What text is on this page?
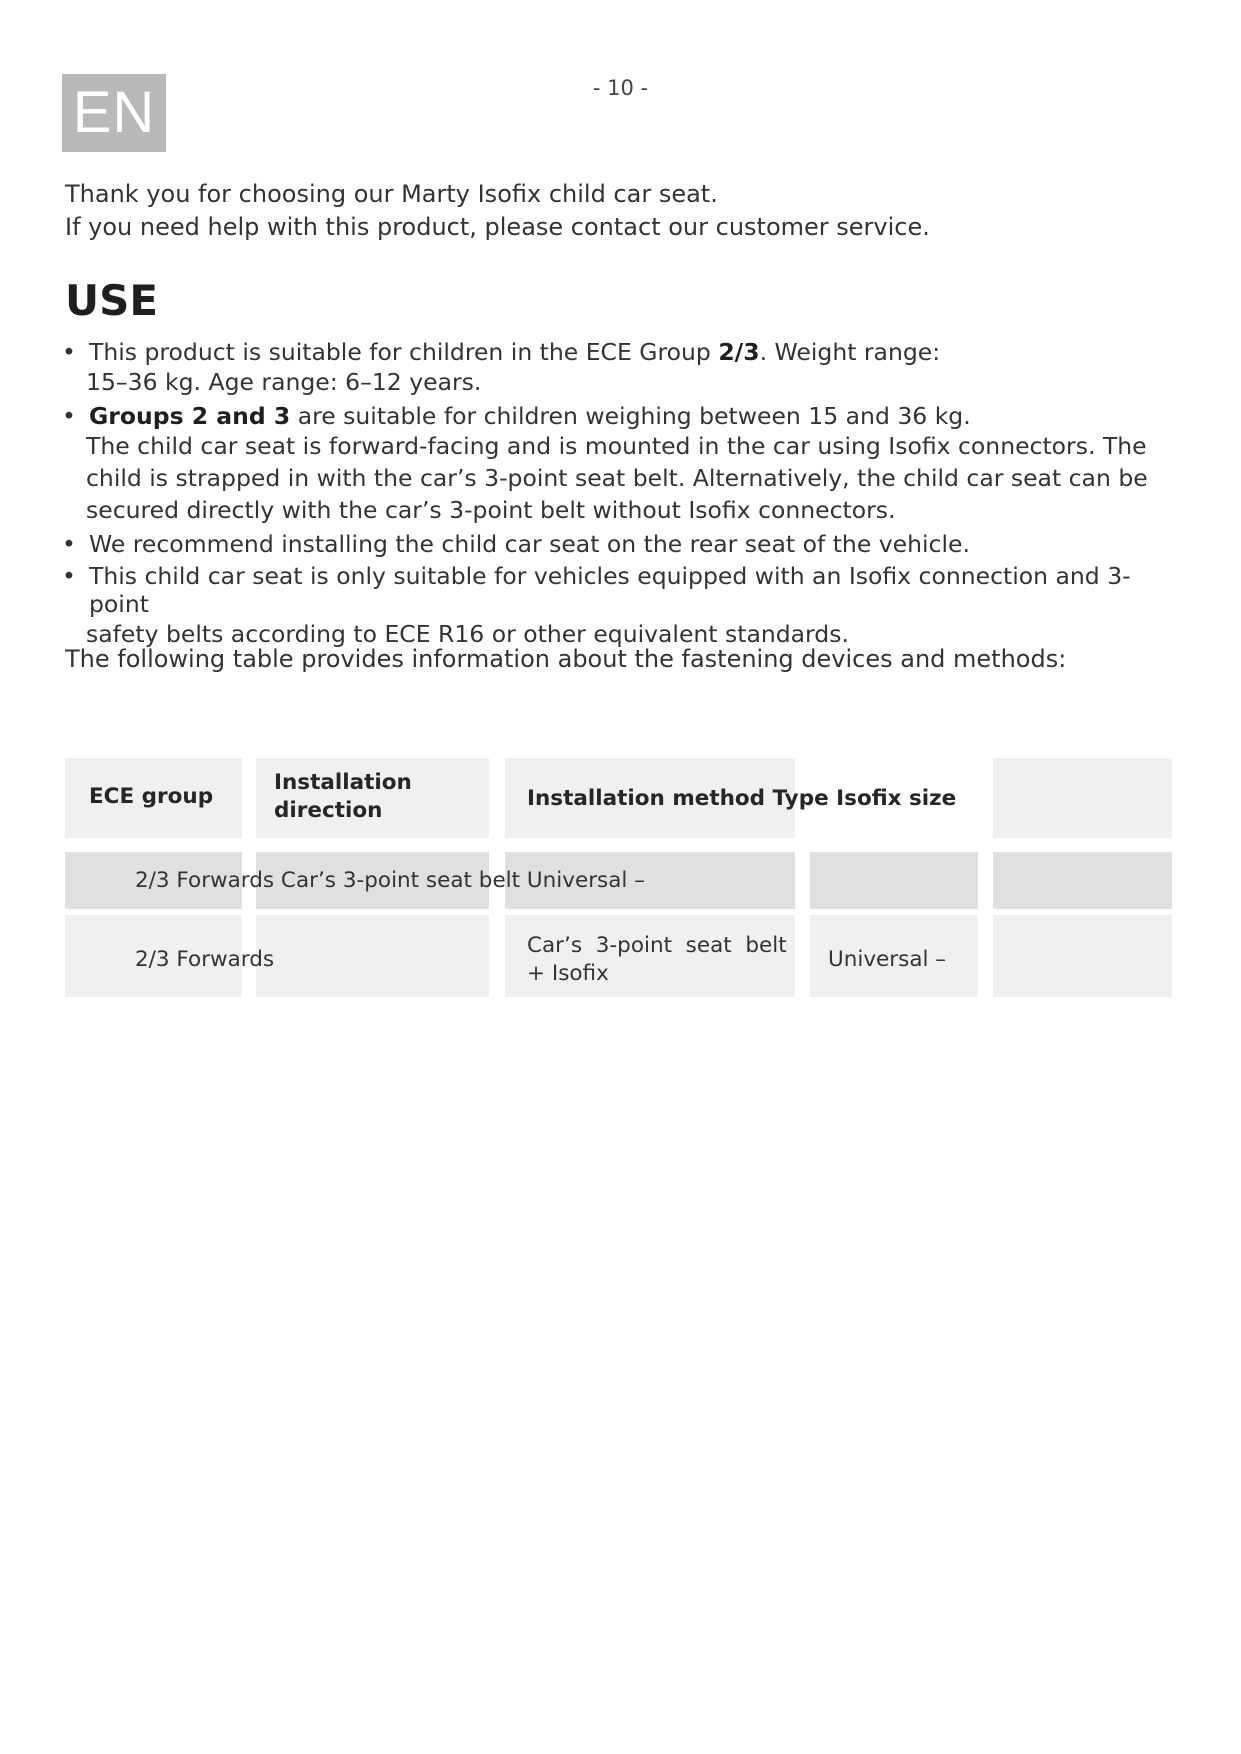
EN	- 10 -

Thank you for choosing our Marty Isofix child car seat.

If you need help with this product, please contact our customer service.

USE
• This product is suitable for children in the ECE Group 2/3. Weight range:
15–36 kg. Age range: 6–12 years.
• Groups 2 and 3 are suitable for children weighing between 15 and 36 kg.
The child car seat is forward-facing and is mounted in the car using Isofix connectors. The child is strapped in with the car’s 3-point seat belt. Alternatively, the child car seat can be secured directly with the car’s 3-point belt without Isofix connectors.
• We recommend installing the child car seat on the rear seat of the vehicle.
• This child car seat is only suitable for vehicles equipped with an Isofix connection and 3-point
safety belts according to ECE R16 or other equivalent standards.
The following table provides information about the fastening devices and methods:
ECE group
Installation
direction	Installation method Type Isofix size
2/3 Forwards Car’s 3-point seat belt Universal –
2/3 Forwards
Car’s  3-point  seat  belt
+ Isofix
Universal –
